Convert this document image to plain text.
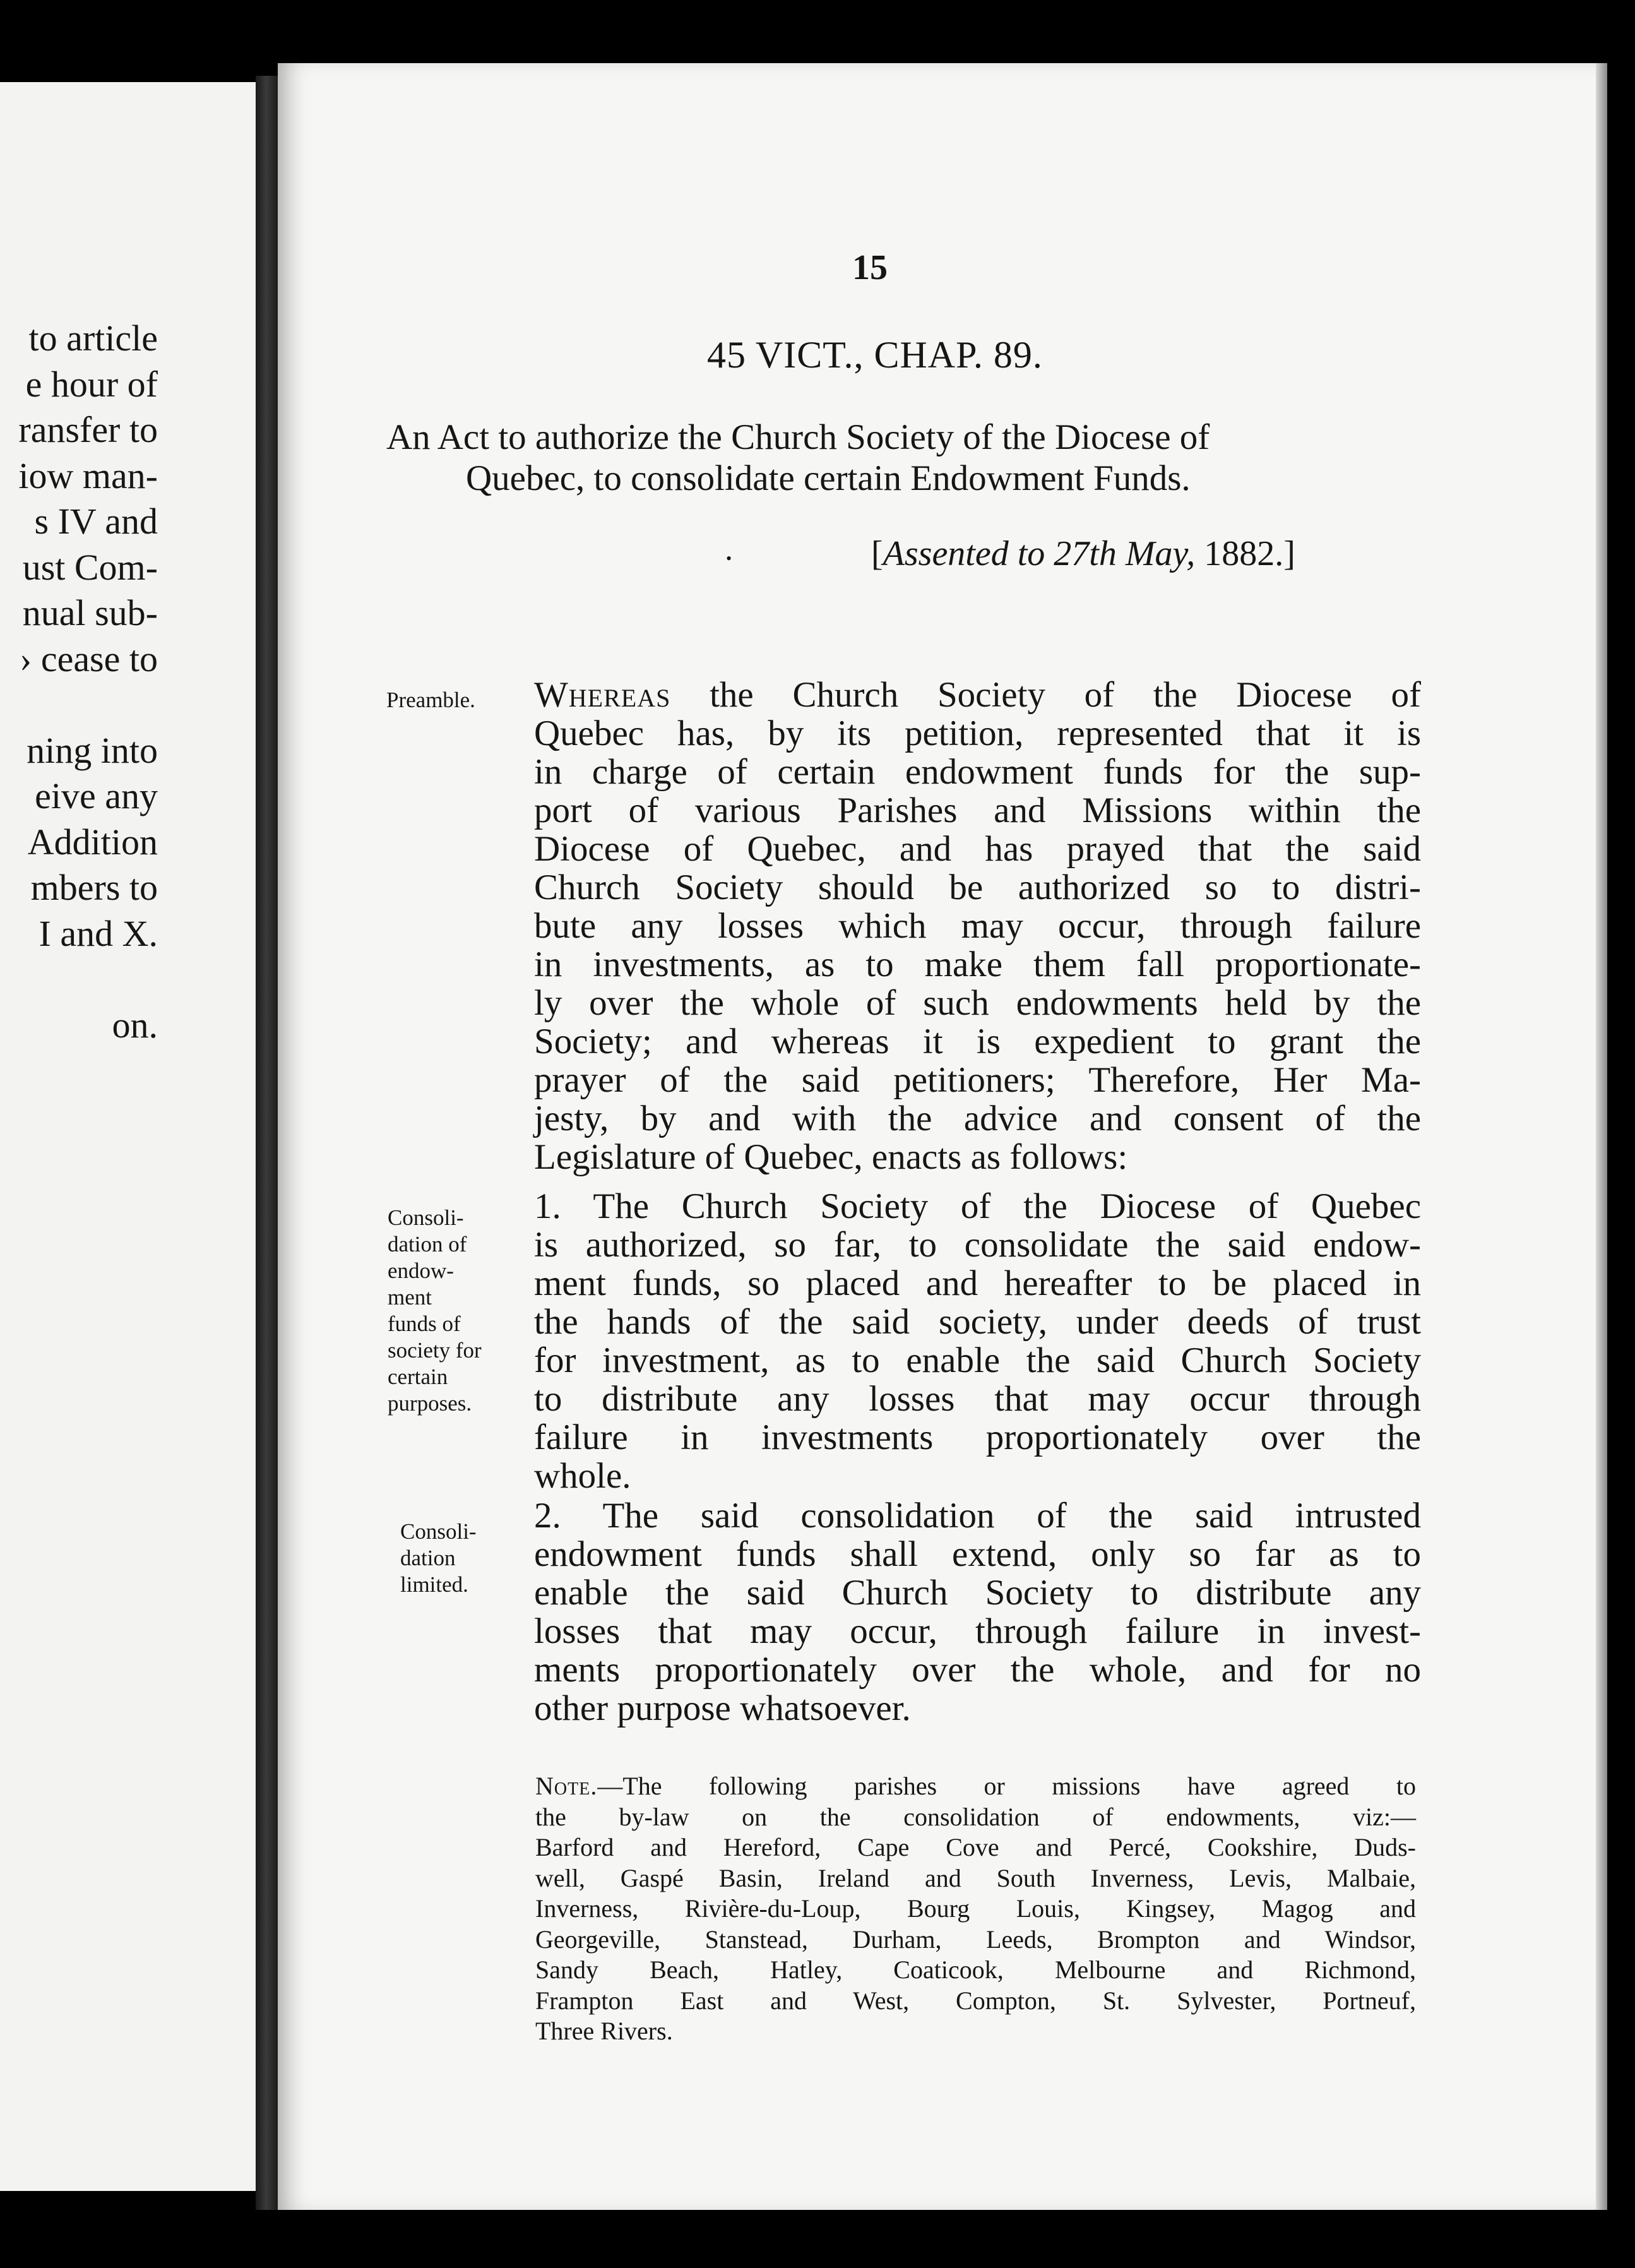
to article
e hour of
ransfer to
iow man-
s IV and
ust Com-
nual sub-
› cease to
ning into
eive any
Addition
mbers to
I and X.
on.
15
45 VICT., CHAP. 89.
An Act to authorize the Church Society of the Diocese of
Quebec, to consolidate certain Endowment Funds.
•	[Assented to 27th May, 1882.]
Preamble.
Consoli-
dation of
endow-
ment
funds of
society for
certain
purposes.
Consoli-
dation
limited.
Whereas the Church Society of the Diocese of
Quebec has, by its petition, represented that it is
in charge of certain endowment funds for the sup-
port of various Parishes and Missions within the
Diocese of Quebec, and has prayed that the said
Church Society should be authorized so to distri-
bute any losses which may occur, through failure
in investments, as to make them fall proportionate-
ly over the whole of such endowments held by the
Society; and whereas it is expedient to grant the
prayer of the said petitioners; Therefore, Her Ma-
jesty, by and with the advice and consent of the
Legislature of Quebec, enacts as follows:
1. The Church Society of the Diocese of Quebec
is authorized, so far, to consolidate the said endow-
ment funds, so placed and hereafter to be placed in
the hands of the said society, under deeds of trust
for investment, as to enable the said Church Society
to distribute any losses that may occur through
failure in investments proportionately over the
whole.
2. The said consolidation of the said intrusted
endowment funds shall extend, only so far as to
enable the said Church Society to distribute any
losses that may occur, through failure in invest-
ments proportionately over the whole, and for no
other purpose whatsoever.
Note.—The following parishes or missions have agreed to
the by-law on the consolidation of endowments, viz:—
Barford and Hereford, Cape Cove and Percé, Cookshire, Duds-
well, Gaspé Basin, Ireland and South Inverness, Levis, Malbaie,
Inverness, Rivière-du-Loup, Bourg Louis, Kingsey, Magog and
Georgeville, Stanstead, Durham, Leeds, Brompton and Windsor,
Sandy Beach, Hatley, Coaticook, Melbourne and Richmond,
Frampton East and West, Compton, St. Sylvester, Portneuf,
Three Rivers.
